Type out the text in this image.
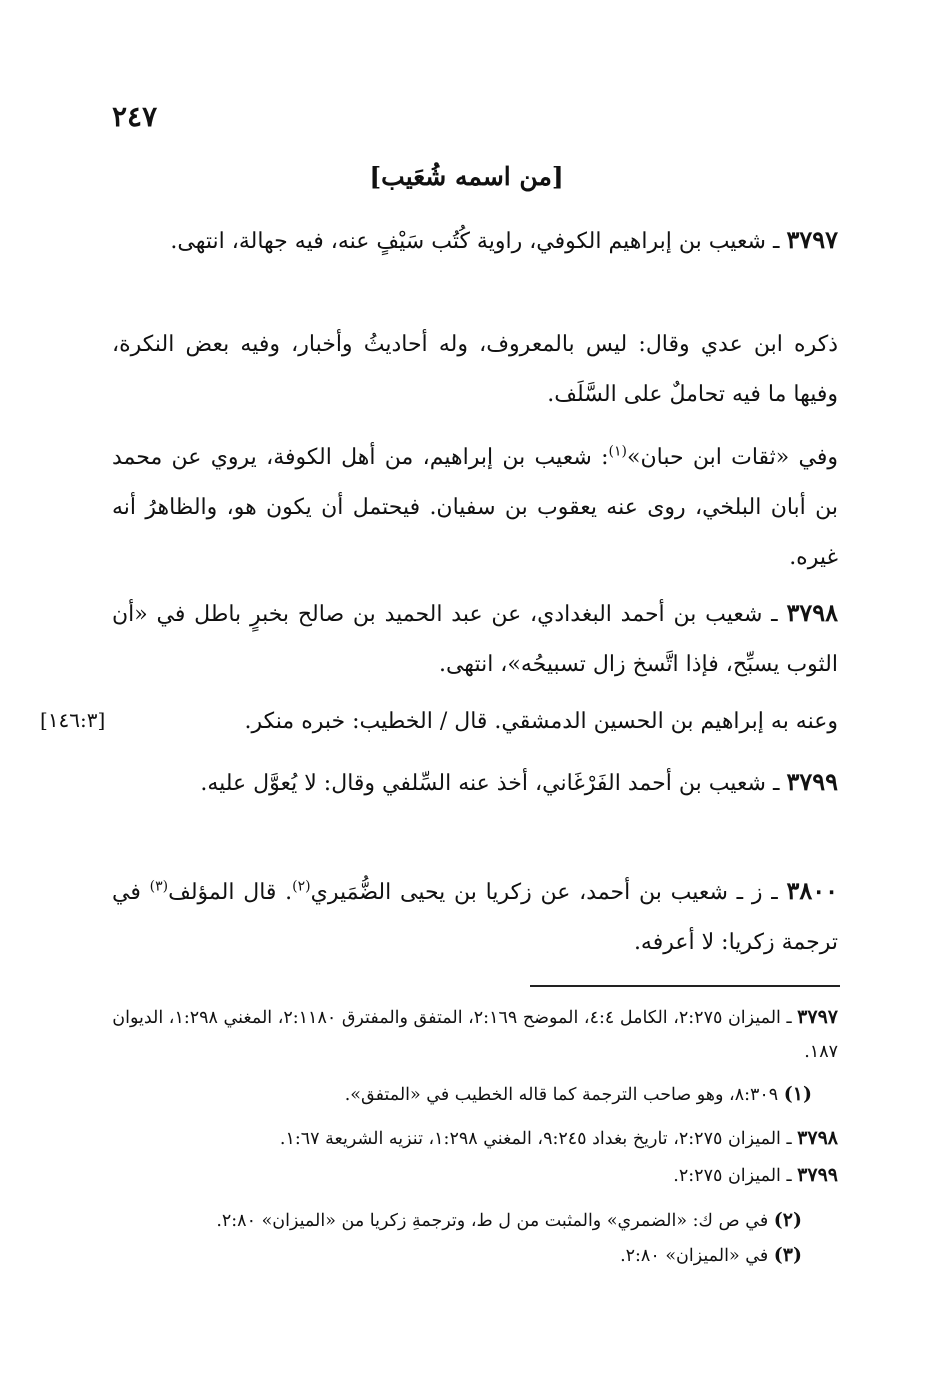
٢٤٧
[من اسمه شُعَيب]
٣٧٩٧ ـ شعيب بن إبراهيم الكوفي، راوية كُتُب سَيْفٍ عنه، فيه جهالة، انتهى.
ذكره ابن عدي وقال: ليس بالمعروف، وله أحاديثُ وأخبار، وفيه بعض النكرة، وفيها ما فيه تحاملٌ على السَّلَف.
وفي «ثقات ابن حبان»$^{(١)}$: شعيب بن إبراهيم، من أهل الكوفة، يروي عن محمد بن أبان البلخي، روى عنه يعقوب بن سفيان. فيحتمل أن يكون هو، والظاهرُ أنه غيره.
٣٧٩٨ ـ شعيب بن أحمد البغدادي، عن عبد الحميد بن صالح بخبرٍ باطل في «أن الثوب يسبِّح، فإذا اتَّسخ زال تسبيحُه»، انتهى.
وعنه به إبراهيم بن الحسين الدمشقي. قال / الخطيب: خبره منكر.
[١٤٦:٣]
٣٧٩٩ ـ شعيب بن أحمد الفَرْغَاني، أخذ عنه السِّلفي وقال: لا يُعوَّل عليه.
٣٨٠٠ ـ ز ـ شعيب بن أحمد، عن زكريا بن يحيى الضُّمَيري$^{(٢)}$. قال المؤلف$^{(٣)}$ في ترجمة زكريا: لا أعرفه.
٣٧٩٧ ـ الميزان ٢:٢٧٥، الكامل ٤:٤، الموضح ٢:١٦٩، المتفق والمفترق ٢:١١٨٠، المغني ١:٢٩٨، الديوان ١٨٧.
(١) ٨:٣٠٩، وهو صاحب الترجمة كما قاله الخطيب في «المتفق».
٣٧٩٨ ـ الميزان ٢:٢٧٥، تاريخ بغداد ٩:٢٤٥، المغني ١:٢٩٨، تنزيه الشريعة ١:٦٧.
٣٧٩٩ ـ الميزان ٢:٢٧٥.
(٢) في ص ك: «الضمري» والمثبت من ل ط، وترجمةِ زكريا من «الميزان» ٢:٨٠.
(٣) في «الميزان» ٢:٨٠.
